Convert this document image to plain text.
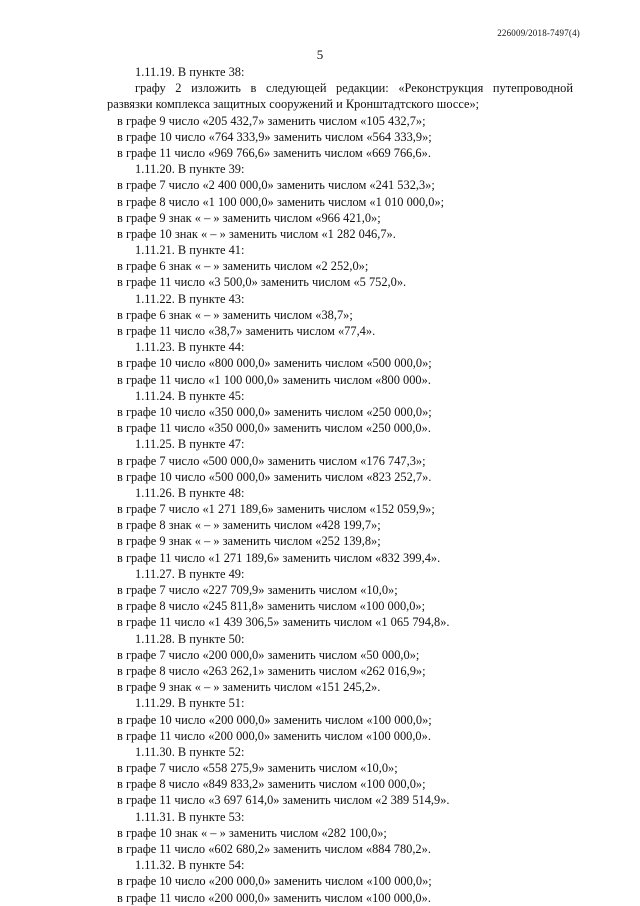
226009/2018-7497(4)
5
1.11.19. В пункте 38:
графу 2 изложить в следующей редакции: «Реконструкция путепроводной
развязки комплекса защитных сооружений и Кронштадтского шоссе»;
в графе 9 число «205 432,7» заменить числом «105 432,7»;
в графе 10 число «764 333,9» заменить числом «564 333,9»;
в графе 11 число «969 766,6» заменить числом «669 766,6».
1.11.20. В пункте 39:
в графе 7 число «2 400 000,0» заменить числом «241 532,3»;
в графе 8 число «1 100 000,0» заменить числом «1 010 000,0»;
в графе 9 знак « – » заменить числом «966 421,0»;
в графе 10 знак « – » заменить числом «1 282 046,7».
1.11.21. В пункте 41:
в графе 6 знак « – » заменить числом «2 252,0»;
в графе 11 число «3 500,0» заменить числом «5 752,0».
1.11.22. В пункте 43:
в графе 6 знак « – » заменить числом «38,7»;
в графе 11 число «38,7» заменить числом «77,4».
1.11.23. В пункте 44:
в графе 10 число «800 000,0» заменить числом «500 000,0»;
в графе 11 число «1 100 000,0» заменить числом «800 000».
1.11.24. В пункте 45:
в графе 10 число «350 000,0» заменить числом «250 000,0»;
в графе 11 число «350 000,0» заменить числом «250 000,0».
1.11.25. В пункте 47:
в графе 7 число «500 000,0» заменить числом «176 747,3»;
в графе 10 число «500 000,0» заменить числом «823 252,7».
1.11.26. В пункте 48:
в графе 7 число «1 271 189,6» заменить числом «152 059,9»;
в графе 8 знак « – » заменить числом «428 199,7»;
в графе 9 знак « – » заменить числом «252 139,8»;
в графе 11 число «1 271 189,6» заменить числом «832 399,4».
1.11.27. В пункте 49:
в графе 7 число «227 709,9» заменить числом «10,0»;
в графе 8 число «245 811,8» заменить числом «100 000,0»;
в графе 11 число «1 439 306,5» заменить числом «1 065 794,8».
1.11.28. В пункте 50:
в графе 7 число «200 000,0» заменить числом «50 000,0»;
в графе 8 число «263 262,1» заменить числом «262 016,9»;
в графе 9 знак « – » заменить числом «151 245,2».
1.11.29. В пункте 51:
в графе 10 число «200 000,0» заменить числом «100 000,0»;
в графе 11 число «200 000,0» заменить числом «100 000,0».
1.11.30. В пункте 52:
в графе 7 число «558 275,9» заменить числом «10,0»;
в графе 8 число «849 833,2» заменить числом «100 000,0»;
в графе 11 число «3 697 614,0» заменить числом «2 389 514,9».
1.11.31. В пункте 53:
в графе 10 знак « – » заменить числом «282 100,0»;
в графе 11 число «602 680,2» заменить числом «884 780,2».
1.11.32. В пункте 54:
в графе 10 число «200 000,0» заменить числом «100 000,0»;
в графе 11 число «200 000,0» заменить числом «100 000,0».
